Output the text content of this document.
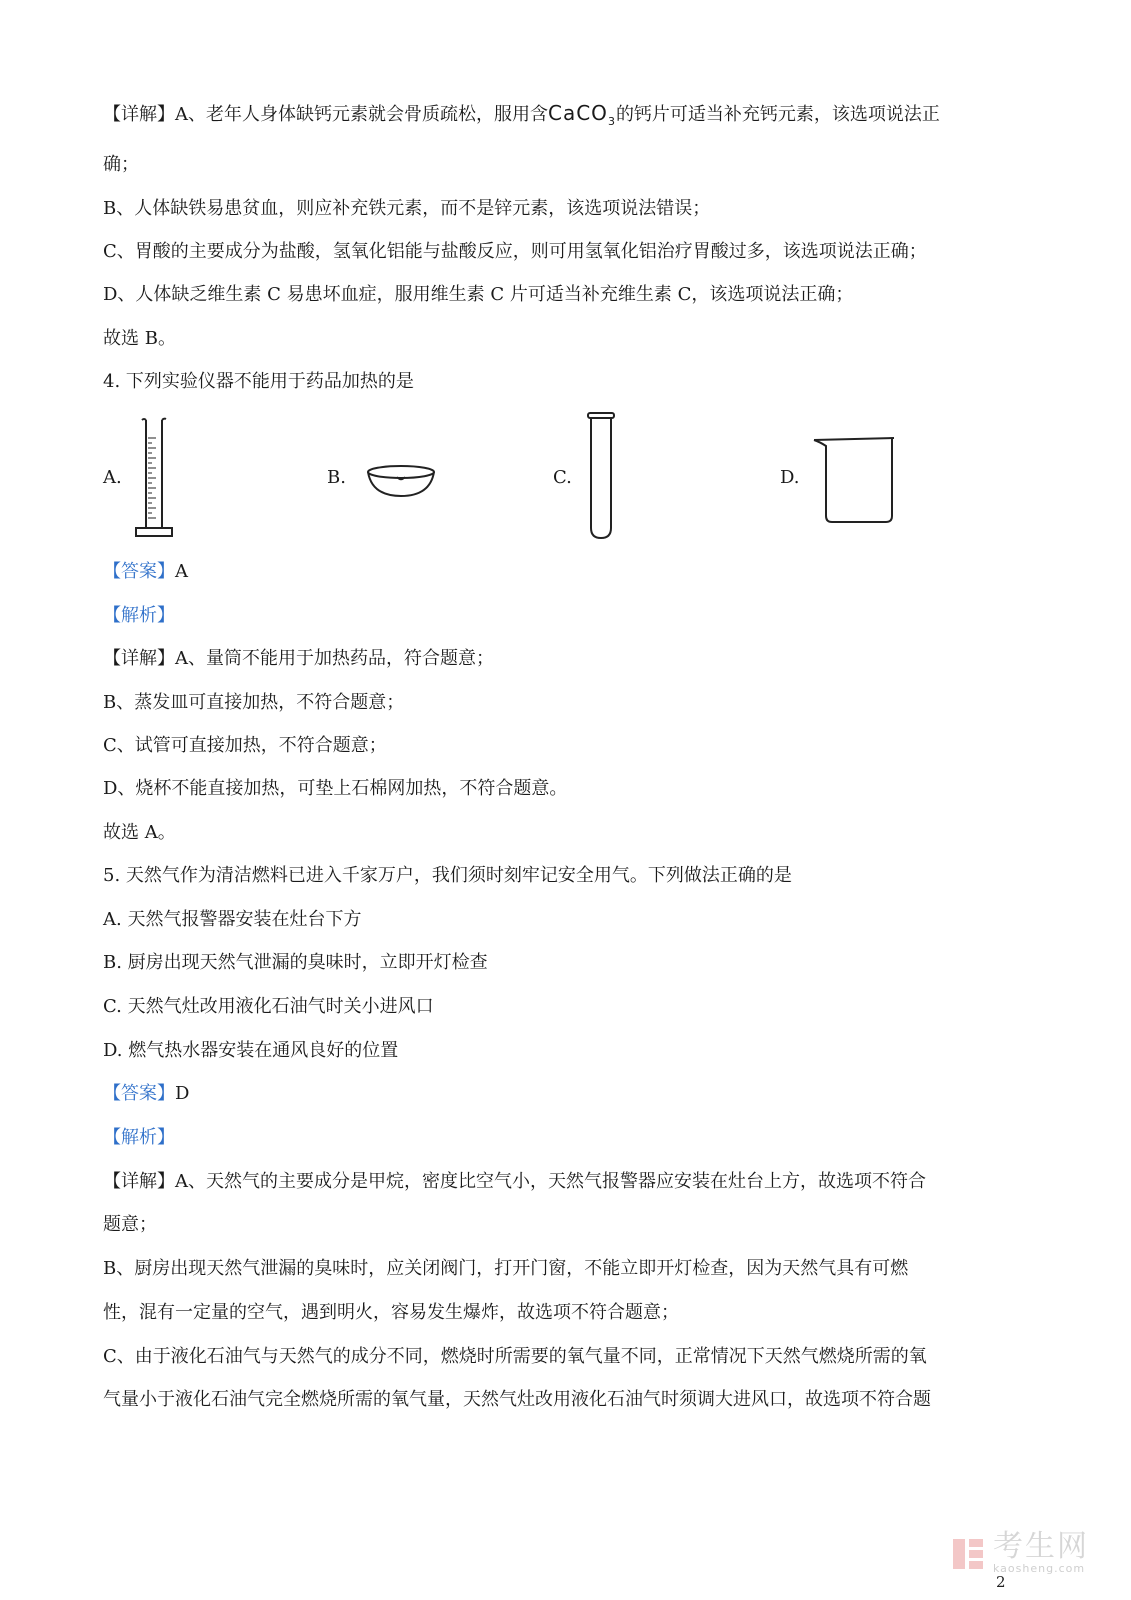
【详解】A、老年人身体缺钙元素就会骨质疏松，服用含CaCO$_3$的钙片可适当补充钙元素，该选项说法正
确；
B、人体缺铁易患贫血，则应补充铁元素，而不是锌元素，该选项说法错误；
C、胃酸的主要成分为盐酸，氢氧化铝能与盐酸反应，则可用氢氧化铝治疗胃酸过多，该选项说法正确；
D、人体缺乏维生素 C 易患坏血症，服用维生素 C 片可适当补充维生素 C，该选项说法正确；
故选 B。
4. 下列实验仪器不能用于药品加热的是
A.	B.	C.	D.
【答案】A
【解析】
【详解】A、量筒不能用于加热药品，符合题意；
B、蒸发皿可直接加热，不符合题意；
C、试管可直接加热，不符合题意；
D、烧杯不能直接加热，可垫上石棉网加热，不符合题意。
故选 A。
5. 天然气作为清洁燃料已进入千家万户，我们须时刻牢记安全用气。下列做法正确的是
A. 天然气报警器安装在灶台下方
B. 厨房出现天然气泄漏的臭味时，立即开灯检查
C. 天然气灶改用液化石油气时关小进风口
D. 燃气热水器安装在通风良好的位置
【答案】D
【解析】
【详解】A、天然气的主要成分是甲烷，密度比空气小，天然气报警器应安装在灶台上方，故选项不符合
题意；
B、厨房出现天然气泄漏的臭味时，应关闭阀门，打开门窗，不能立即开灯检查，因为天然气具有可燃
性，混有一定量的空气，遇到明火，容易发生爆炸，故选项不符合题意；
C、由于液化石油气与天然气的成分不同，燃烧时所需要的氧气量不同，正常情况下天然气燃烧所需的氧
气量小于液化石油气完全燃烧所需的氧气量，天然气灶改用液化石油气时须调大进风口，故选项不符合题
考生网
kaosheng.com
2
